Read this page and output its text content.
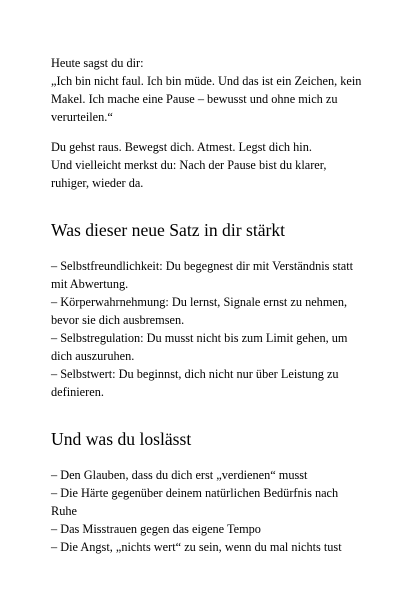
Heute sagst du dir:
„Ich bin nicht faul. Ich bin müde. Und das ist ein Zeichen, kein
Makel. Ich mache eine Pause – bewusst und ohne mich zu
verurteilen.“
Du gehst raus. Bewegst dich. Atmest. Legst dich hin.
Und vielleicht merkst du: Nach der Pause bist du klarer,
ruhiger, wieder da.
Was dieser neue Satz in dir stärkt
– Selbstfreundlichkeit: Du begegnest dir mit Verständnis statt
mit Abwertung.
– Körperwahrnehmung: Du lernst, Signale ernst zu nehmen,
bevor sie dich ausbremsen.
– Selbstregulation: Du musst nicht bis zum Limit gehen, um
dich auszuruhen.
– Selbstwert: Du beginnst, dich nicht nur über Leistung zu
definieren.
Und was du loslässt
– Den Glauben, dass du dich erst „verdienen“ musst
– Die Härte gegenüber deinem natürlichen Bedürfnis nach
Ruhe
– Das Misstrauen gegen das eigene Tempo
– Die Angst, „nichts wert“ zu sein, wenn du mal nichts tust
